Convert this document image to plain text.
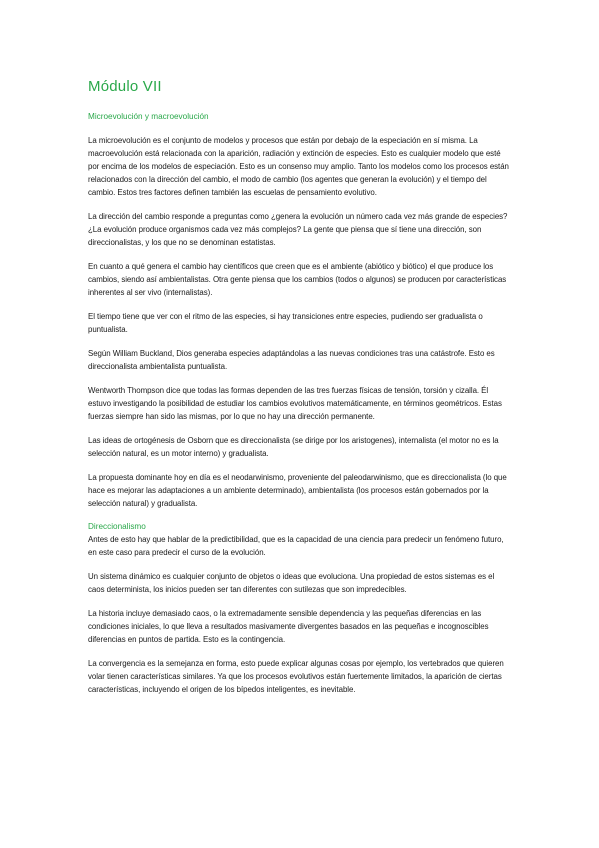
Módulo VII
Microevolución y macroevolución

La microevolución es el conjunto de modelos y procesos que están por debajo de la especiación en sí misma. La macroevolución está relacionada con la aparición, radiación y extinción de especies. Esto es cualquier modelo que esté por encima de los modelos de especiación. Esto es un consenso muy amplio. Tanto los modelos como los procesos están relacionados con la dirección del cambio, el modo de cambio (los agentes que generan la evolución) y el tiempo del cambio. Estos tres factores definen también las escuelas de pensamiento evolutivo.

La dirección del cambio responde a preguntas como ¿genera la evolución un número cada vez más grande de especies? ¿La evolución produce organismos cada vez más complejos? La gente que piensa que sí tiene una dirección, son direccionalistas, y los que no se denominan estatistas.

En cuanto a qué genera el cambio hay científicos que creen que es el ambiente (abiótico y biótico) el que produce los cambios, siendo así ambientalistas. Otra gente piensa que los cambios (todos o algunos) se producen por características inherentes al ser vivo (internalistas).

El tiempo tiene que ver con el ritmo de las especies, si hay transiciones entre especies, pudiendo ser gradualista o puntualista.

Según William Buckland, Dios generaba especies adaptándolas a las nuevas condiciones tras una catástrofe. Esto es direccionalista ambientalista puntualista.

Wentworth Thompson dice que todas las formas dependen de las tres fuerzas físicas de tensión, torsión y cizalla. Él estuvo investigando la posibilidad de estudiar los cambios evolutivos matemáticamente, en términos geométricos. Estas fuerzas siempre han sido las mismas, por lo que no hay una dirección permanente.

Las ideas de ortogénesis de Osborn que es direccionalista (se dirige por los aristogenes), internalista (el motor no es la selección natural, es un motor interno) y gradualista.

La propuesta dominante hoy en día es el neodarwinismo, proveniente del paleodarwinismo, que es direccionalista (lo que hace es mejorar las adaptaciones a un ambiente determinado), ambientalista (los procesos están gobernados por la selección natural) y gradualista.

Direccionalismo

Antes de esto hay que hablar de la predictibilidad, que es la capacidad de una ciencia para predecir un fenómeno futuro, en este caso para predecir el curso de la evolución.

Un sistema dinámico es cualquier conjunto de objetos o ideas que evoluciona. Una propiedad de estos sistemas es el caos determinista, los inicios pueden ser tan diferentes con sutilezas que son impredecibles.

La historia incluye demasiado caos, o la extremadamente sensible dependencia y las pequeñas diferencias en las condiciones iniciales, lo que lleva a resultados masivamente divergentes basados en las pequeñas e incognoscibles diferencias en puntos de partida. Esto es la contingencia.

La convergencia es la semejanza en forma, esto puede explicar algunas cosas por ejemplo, los vertebrados que quieren volar tienen características similares. Ya que los procesos evolutivos están fuertemente limitados, la aparición de ciertas características, incluyendo el origen de los bípedos inteligentes, es inevitable.
